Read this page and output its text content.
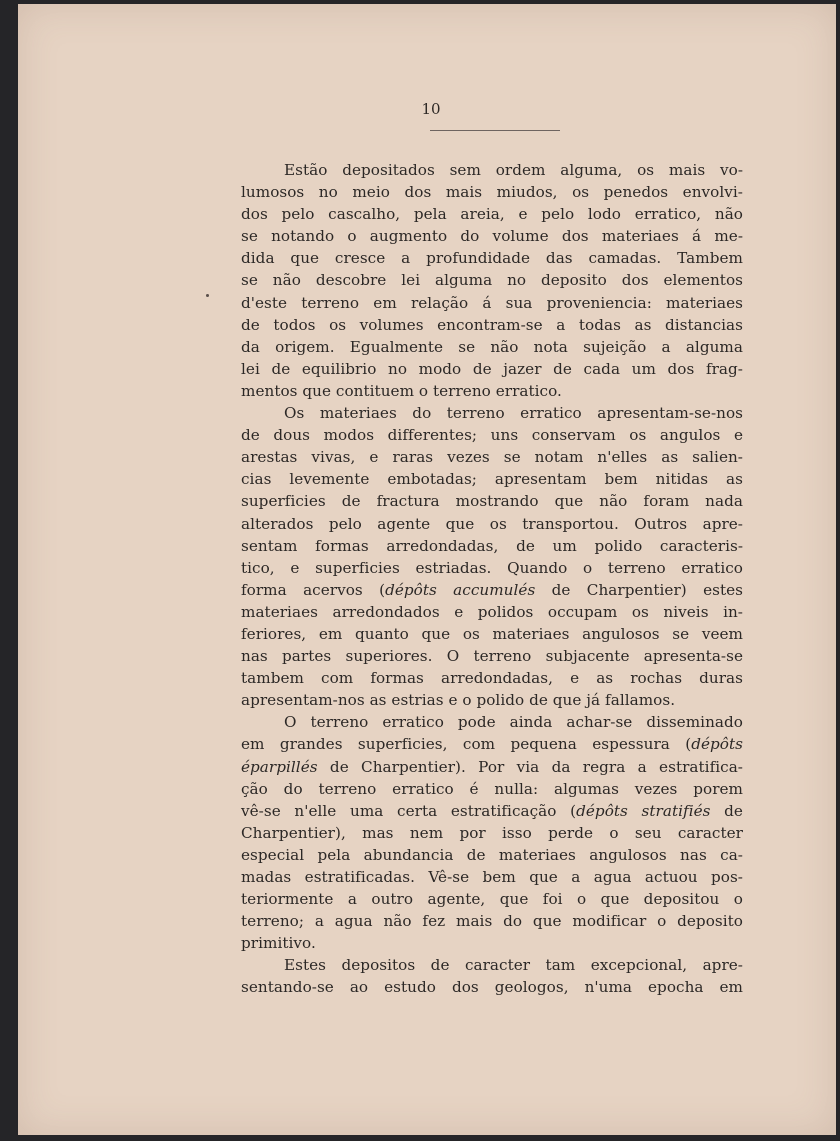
10
Estão depositados sem ordem alguma, os mais vo-
lumosos no meio dos mais miudos, os penedos envolvi-
dos pelo cascalho, pela areia, e pelo lodo erratico, não
se notando o augmento do volume dos materiaes á me-
dida que cresce a profundidade das camadas. Tambem
se não descobre lei alguma no deposito dos elementos
d'este terreno em relação á sua proveniencia: materiaes
de todos os volumes encontram-se a todas as distancias
da origem. Egualmente se não nota sujeição a alguma
lei de equilibrio no modo de jazer de cada um dos frag-
mentos que contituem o terreno erratico.
Os materiaes do terreno erratico apresentam-se-nos
de dous modos differentes; uns conservam os angulos e
arestas vivas, e raras vezes se notam n'elles as salien-
cias levemente embotadas; apresentam bem nitidas as
superficies de fractura mostrando que não foram nada
alterados pelo agente que os transportou. Outros apre-
sentam formas arredondadas, de um polido caracteris-
tico, e superficies estriadas. Quando o terreno erratico
forma acervos (dépôts accumulés de Charpentier) estes
materiaes arredondados e polidos occupam os niveis in-
feriores, em quanto que os materiaes angulosos se veem
nas partes superiores. O terreno subjacente apresenta-se
tambem com formas arredondadas, e as rochas duras
apresentam-nos as estrias e o polido de que já fallamos.
O terreno erratico pode ainda achar-se disseminado
em grandes superficies, com pequena espessura (dépôts
éparpillés de Charpentier). Por via da regra a estratifica-
ção do terreno erratico é nulla: algumas vezes porem
vê-se n'elle uma certa estratificação (dépôts stratifiés de
Charpentier), mas nem por isso perde o seu caracter
especial pela abundancia de materiaes angulosos nas ca-
madas estratificadas. Vê-se bem que a agua actuou pos-
teriormente a outro agente, que foi o que depositou o
terreno; a agua não fez mais do que modificar o deposito
primitivo.
Estes depositos de caracter tam excepcional, apre-
sentando-se ao estudo dos geologos, n'uma epocha em
